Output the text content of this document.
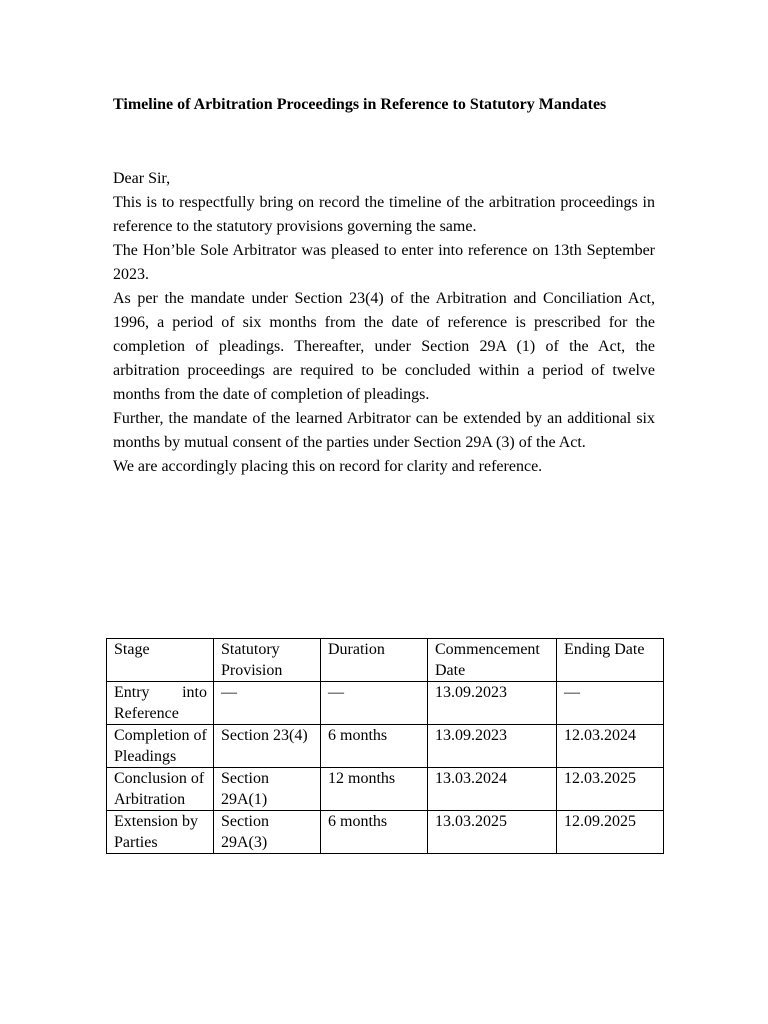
Timeline of Arbitration Proceedings in Reference to Statutory Mandates
Dear Sir,

This is to respectfully bring on record the timeline of the arbitration proceedings in reference to the statutory provisions governing the same.

The Hon’ble Sole Arbitrator was pleased to enter into reference on 13th September 2023.

As per the mandate under Section 23(4) of the Arbitration and Conciliation Act, 1996, a period of six months from the date of reference is prescribed for the completion of pleadings. Thereafter, under Section 29A (1) of the Act, the arbitration proceedings are required to be concluded within a period of twelve months from the date of completion of pleadings.

Further, the mandate of the learned Arbitrator can be extended by an additional six months by mutual consent of the parties under Section 29A (3) of the Act.

We are accordingly placing this on record for clarity and reference.

Stage	Statutory Provision	Duration	Commencement Date	Ending Date
Entry into Reference	—	—	13.09.2023	—
Completion of Pleadings	Section 23(4)	6 months	13.09.2023	12.03.2024
Conclusion of Arbitration	Section 29A(1)	12 months	13.03.2024	12.03.2025
Extension by Parties	Section 29A(3)	6 months	13.03.2025	12.09.2025
